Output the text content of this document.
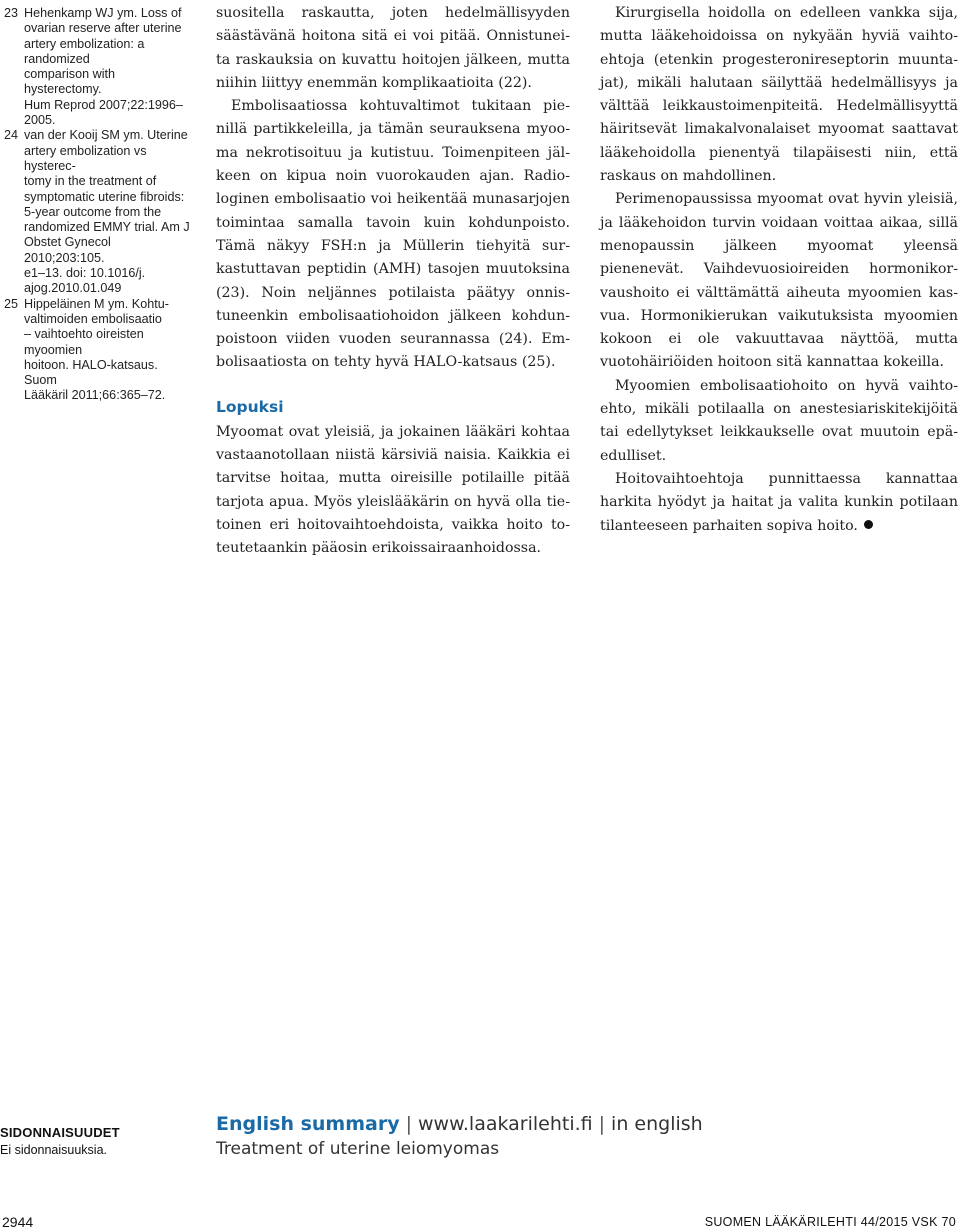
23 Hehenkamp WJ ym. Loss of
ovarian reserve after uterine
artery embolization: a randomized
comparison with hysterectomy.
Hum Reprod 2007;22:1996–2005.
24 van der Kooij SM ym. Uterine
artery embolization vs hysterec-
tomy in the treatment of
symptomatic uterine fibroids:
5-year outcome from the
randomized EMMY trial. Am J
Obstet Gynecol 2010;203:105.
e1–13. doi: 10.1016/j.
ajog.2010.01.049
25 Hippeläinen M ym. Kohtu-
valtimoiden embolisaatio
– vaihtoehto oireisten myoomien
hoitoon. HALO-katsaus. Suom
Lääkäril 2011;66:365–72.

suositella raskautta, joten hedelmällisyyden säästävänä hoitona sitä ei voi pitää. Onnistuneita raskauksia on kuvattu hoitojen jälkeen, mutta niihin liittyy enemmän komplikaatioita (22).

Embolisaatiossa kohtuvaltimot tukitaan pienillä partikkeleilla, ja tämän seurauksena myooma nekrotisoituu ja kutistuu. Toimenpiteen jälkeen on kipua noin vuorokauden ajan. Radiologinen embolisaatio voi heikentää munasarjojen toimintaa samalla tavoin kuin kohdunpoisto. Tämä näkyy FSH:n ja Müllerin tiehyitä surkastuttavan peptidin (AMH) tasojen muutoksina (23). Noin neljännes potilaista päätyy onnistuneenkin embolisaatiohoidon jälkeen kohdunpoistoon viiden vuoden seurannassa (24). Embolisaatiosta on tehty hyvä HALO-katsaus (25).

Lopuksi

Myoomat ovat yleisiä, ja jokainen lääkäri kohtaa vastaanotollaan niistä kärsiviä naisia. Kaikkia ei tarvitse hoitaa, mutta oireisille potilaille pitää tarjota apua. Myös yleislääkärin on hyvä olla tietoinen eri hoitovaihtoehdoista, vaikka hoito toteutetaankin pääosin erikoissairaanhoidossa.

Kirurgisella hoidolla on edelleen vankka sija, mutta lääkehoidoissa on nykyään hyviä vaihtoehtoja (etenkin progesteronireseptorin muuntajat), mikäli halutaan säilyttää hedelmällisyys ja välttää leikkaustoimenpiteitä. Hedelmällisyyttä häiritsevät limakalvonalaiset myoomat saattavat lääkehoidolla pienentyä tilapäisesti niin, että raskaus on mahdollinen.

Perimenopaussissa myoomat ovat hyvin yleisiä, ja lääkehoidon turvin voidaan voittaa aikaa, sillä menopaussin jälkeen myoomat yleensä pienenevät. Vaihdevuosioireiden hormonikorvaushoito ei välttämättä aiheuta myoomien kasvua. Hormonikierukan vaikutuksista myoomien kokoon ei ole vakuuttavaa näyttöä, mutta vuotohäiriöiden hoitoon sitä kannattaa kokeilla.

Myoomien embolisaatiohoito on hyvä vaihtoehto, mikäli potilaalla on anestesiariskitekijöitä tai edellytykset leikkaukselle ovat muutoin epäedulliset.

Hoitovaihtoehtoja punnittaessa kannattaa harkita hyödyt ja haitat ja valita kunkin potilaan tilanteeseen parhaiten sopiva hoito.

SIDONNAISUUDET
Ei sidonnaisuuksia.
English summary | www.laakarilehti.fi | in english
Treatment of uterine leiomyomas
2944	SUOMEN LÄÄKÄRILEHTI 44/2015 VSK 70
